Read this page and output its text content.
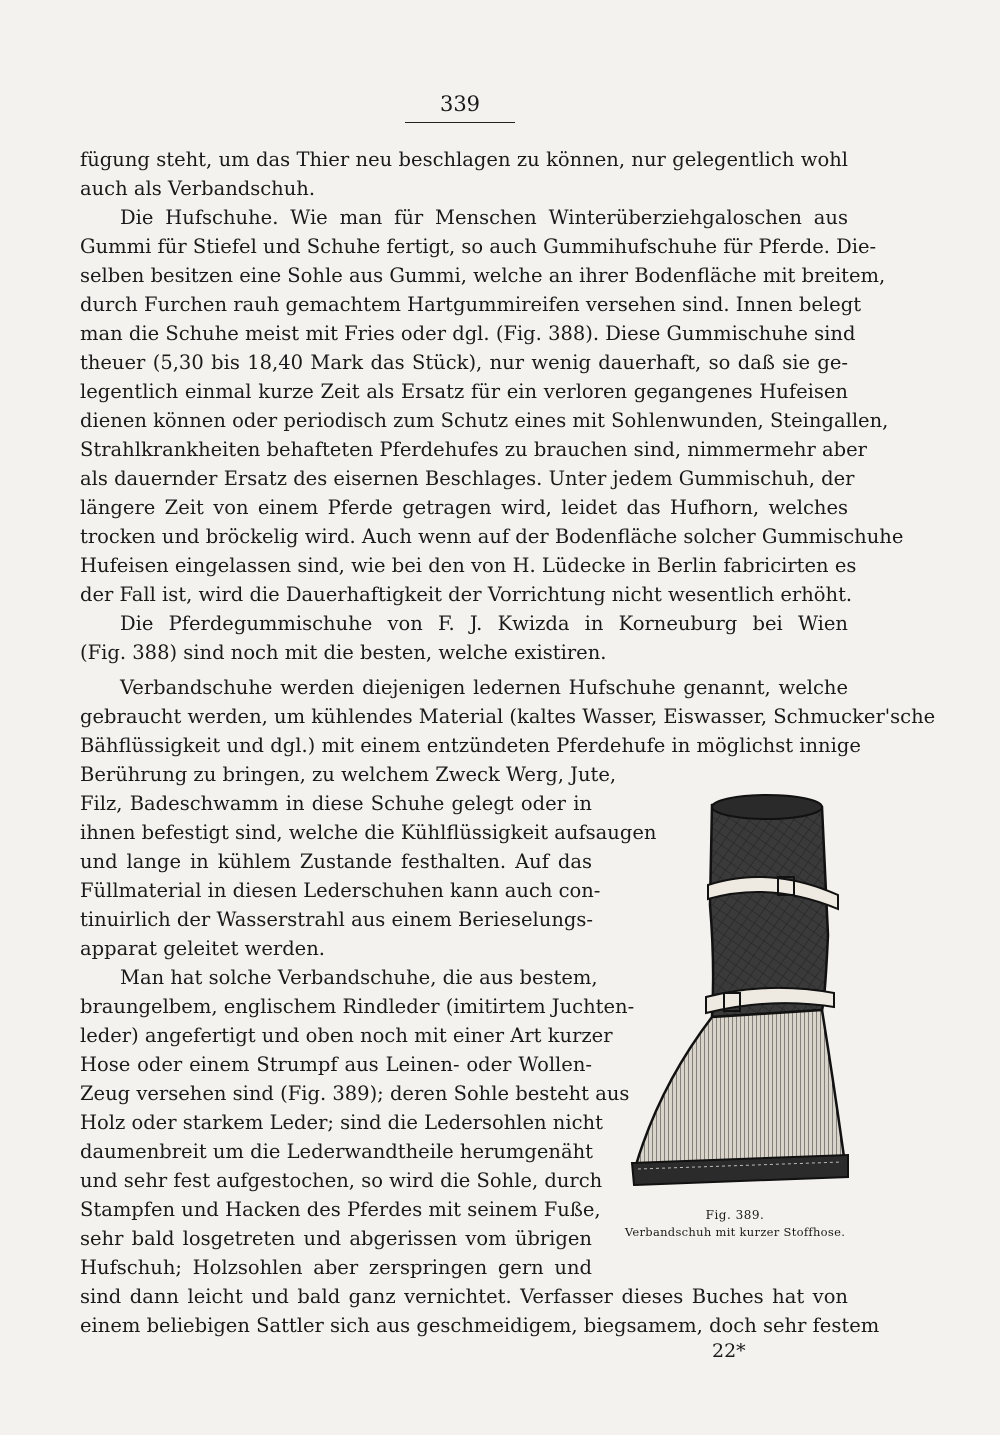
339
fügung steht, um das Thier neu beschlagen zu können, nur gelegentlich wohl
auch als Verbandschuh.
Die Hufschuhe. Wie man für Menschen Winterüberziehgaloschen aus
Gummi für Stiefel und Schuhe fertigt, so auch Gummihufschuhe für Pferde. Die-
selben besitzen eine Sohle aus Gummi, welche an ihrer Bodenfläche mit breitem,
durch Furchen rauh gemachtem Hartgummireifen versehen sind. Innen belegt
man die Schuhe meist mit Fries oder dgl. (Fig. 388). Diese Gummischuhe sind
theuer (5,30 bis 18,40 Mark das Stück), nur wenig dauerhaft, so daß sie ge-
legentlich einmal kurze Zeit als Ersatz für ein verloren gegangenes Hufeisen
dienen können oder periodisch zum Schutz eines mit Sohlenwunden, Steingallen,
Strahlkrankheiten behafteten Pferdehufes zu brauchen sind, nimmermehr aber
als dauernder Ersatz des eisernen Beschlages. Unter jedem Gummischuh, der
längere Zeit von einem Pferde getragen wird, leidet das Hufhorn, welches
trocken und bröckelig wird. Auch wenn auf der Bodenfläche solcher Gummischuhe
Hufeisen eingelassen sind, wie bei den von H. Lüdecke in Berlin fabricirten es
der Fall ist, wird die Dauerhaftigkeit der Vorrichtung nicht wesentlich erhöht.
Die Pferdegummischuhe von F. J. Kwizda in Korneuburg bei Wien
(Fig. 388) sind noch mit die besten, welche existiren.
Verbandschuhe werden diejenigen ledernen Hufschuhe genannt, welche
gebraucht werden, um kühlendes Material (kaltes Wasser, Eiswasser, Schmucker'sche
Bähflüssigkeit und dgl.) mit einem entzündeten Pferdehufe in möglichst innige
Berührung zu bringen, zu welchem Zweck Werg, Jute,
Filz, Badeschwamm in diese Schuhe gelegt oder in
ihnen befestigt sind, welche die Kühlflüssigkeit aufsaugen
und lange in kühlem Zustande festhalten. Auf das
Füllmaterial in diesen Lederschuhen kann auch con-
tinuirlich der Wasserstrahl aus einem Berieselungs-
apparat geleitet werden.
Man hat solche Verbandschuhe, die aus bestem,
braungelbem, englischem Rindleder (imitirtem Juchten-
leder) angefertigt und oben noch mit einer Art kurzer
Hose oder einem Strumpf aus Leinen- oder Wollen-
Zeug versehen sind (Fig. 389); deren Sohle besteht aus
Holz oder starkem Leder; sind die Ledersohlen nicht
daumenbreit um die Lederwandtheile herumgenäht
und sehr fest aufgestochen, so wird die Sohle, durch
Stampfen und Hacken des Pferdes mit seinem Fuße,
sehr bald losgetreten und abgerissen vom übrigen
Hufschuh; Holzsohlen aber zerspringen gern und
sind dann leicht und bald ganz vernichtet. Verfasser dieses Buches hat von
einem beliebigen Sattler sich aus geschmeidigem, biegsamem, doch sehr festem
Fig. 389.
Verbandschuh mit kurzer Stoffhose.
22*
